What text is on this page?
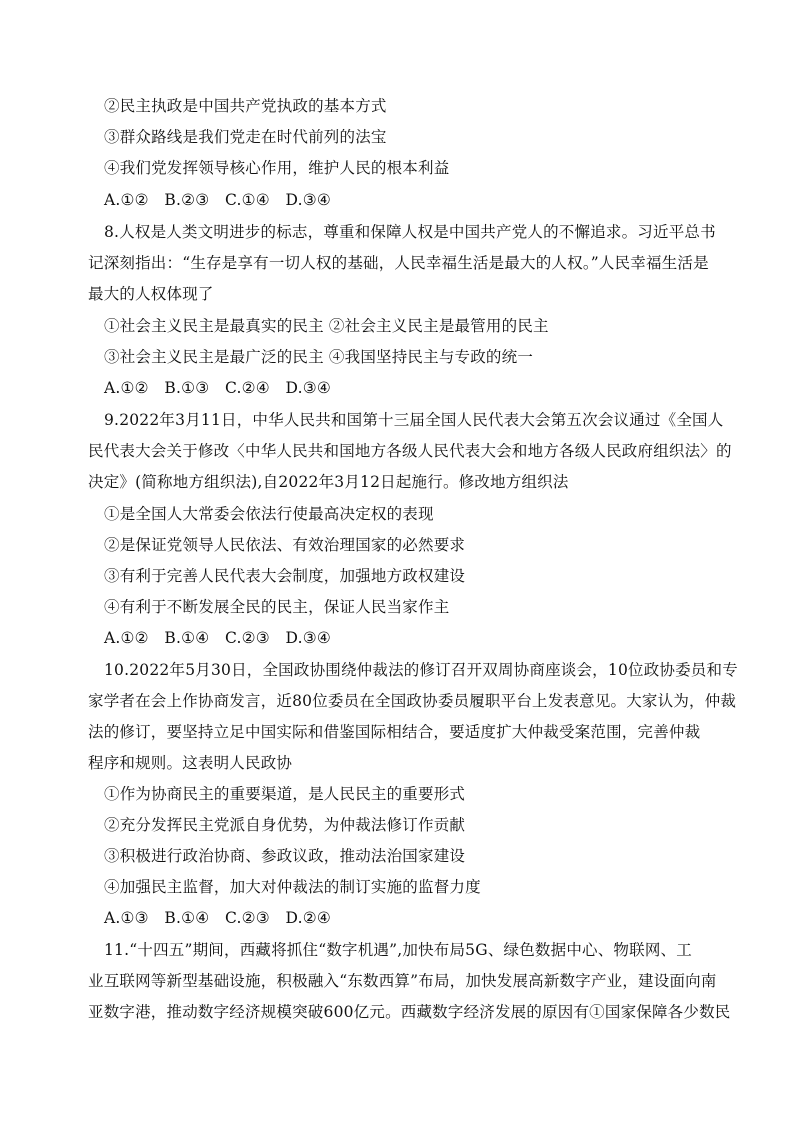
②民主执政是中国共产党执政的基本方式
③群众路线是我们党走在时代前列的法宝
④我们党发挥领导核心作用，维护人民的根本利益
A.①②　B.②③　C.①④　D.③④
8.人权是人类文明进步的标志，尊重和保障人权是中国共产党人的不懈追求。习近平总书
记深刻指出：“生存是享有一切人权的基础，人民幸福生活是最大的人权。”人民幸福生活是
最大的人权体现了
①社会主义民主是最真实的民主 ②社会主义民主是最管用的民主
③社会主义民主是最广泛的民主 ④我国坚持民主与专政的统一
A.①②　B.①③　C.②④　D.③④
9.2022年3月11日，中华人民共和国第十三届全国人民代表大会第五次会议通过《全国人
民代表大会关于修改〈中华人民共和国地方各级人民代表大会和地方各级人民政府组织法〉的
决定》(简称地方组织法),自2022年3月12日起施行。修改地方组织法
①是全国人大常委会依法行使最高决定权的表现
②是保证党领导人民依法、有效治理国家的必然要求
③有利于完善人民代表大会制度，加强地方政权建设
④有利于不断发展全民的民主，保证人民当家作主
A.①②　B.①④　C.②③　D.③④
10.2022年5月30日，全国政协围绕仲裁法的修订召开双周协商座谈会，10位政协委员和专
家学者在会上作协商发言，近80位委员在全国政协委员履职平台上发表意见。大家认为，仲裁
法的修订，要坚持立足中国实际和借鉴国际相结合，要适度扩大仲裁受案范围，完善仲裁
程序和规则。这表明人民政协
①作为协商民主的重要渠道，是人民民主的重要形式
②充分发挥民主党派自身优势，为仲裁法修订作贡献
③积极进行政治协商、参政议政，推动法治国家建设
④加强民主监督，加大对仲裁法的制订实施的监督力度
A.①③　B.①④　C.②③　D.②④
11.“十四五”期间，西藏将抓住“数字机遇”,加快布局5G、绿色数据中心、物联网、工
业互联网等新型基础设施，积极融入“东数西算”布局，加快发展高新数字产业，建设面向南
亚数字港，推动数字经济规模突破600亿元。西藏数字经济发展的原因有①国家保障各少数民
